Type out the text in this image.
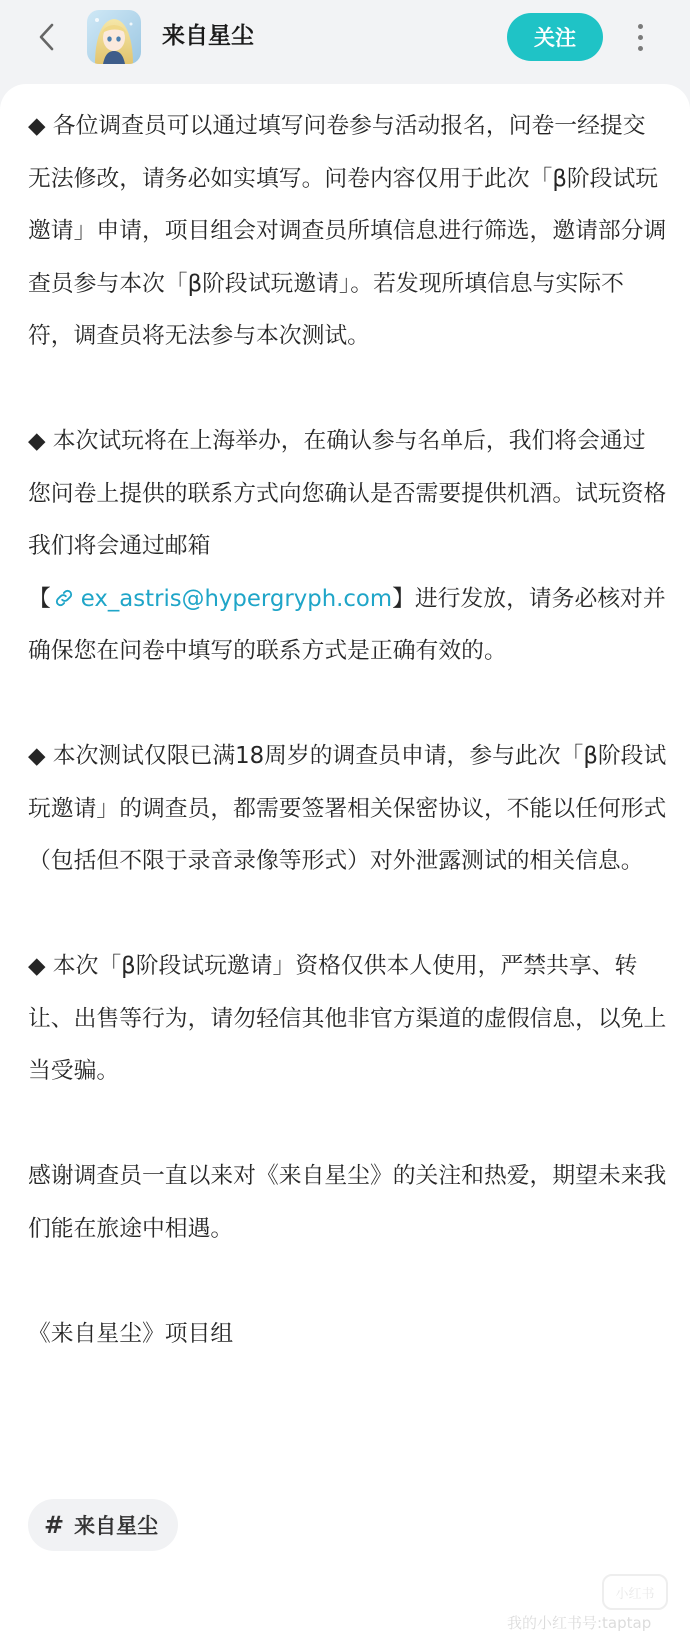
来自星尘	关注

◆ 各位调查员可以通过填写问卷参与活动报名，问卷一经提交无法修改，请务必如实填写。问卷内容仅用于此次「β阶段试玩邀请」申请，项目组会对调查员所填信息进行筛选，邀请部分调查员参与本次「β阶段试玩邀请」。若发现所填信息与实际不符，调查员将无法参与本次测试。

◆ 本次试玩将在上海举办，在确认参与名单后，我们将会通过您问卷上提供的联系方式向您确认是否需要提供机酒。试玩资格我们将会通过邮箱
【 ex_astris@hypergryph.com】进行发放，请务必核对并确保您在问卷中填写的联系方式是正确有效的。

◆ 本次测试仅限已满18周岁的调查员申请，参与此次「β阶段试玩邀请」的调查员，都需要签署相关保密协议，不能以任何形式（包括但不限于录音录像等形式）对外泄露测试的相关信息。

◆ 本次「β阶段试玩邀请」资格仅供本人使用，严禁共享、转让、出售等行为，请勿轻信其他非官方渠道的虚假信息，以免上当受骗。

感谢调查员一直以来对《来自星尘》的关注和热爱，期望未来我们能在旅途中相遇。

《来自星尘》项目组

# 来自星尘
小红书
我的小红书号:taptap
